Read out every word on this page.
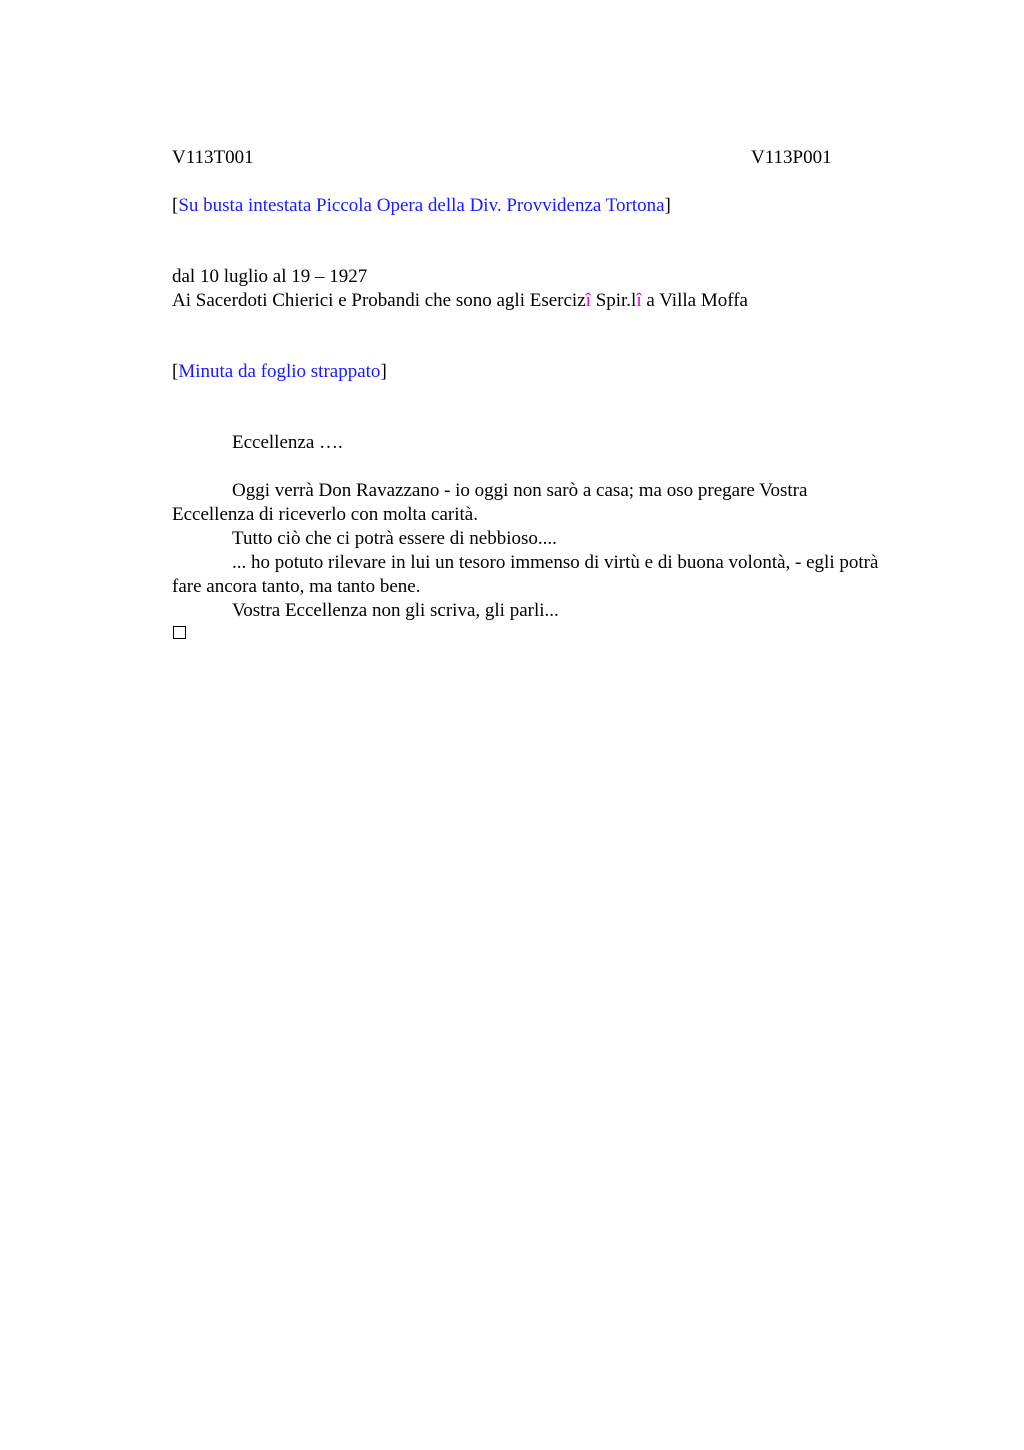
V113T001	V113P001
[Su busta intestata Piccola Opera della Div. Provvidenza Tortona]
dal 10 luglio al 19 – 1927
Ai Sacerdoti Chierici e Probandi che sono agli Esercizî Spir.lî a Villa Moffa
[Minuta da foglio strappato]
Eccellenza ….

Oggi verrà Don Ravazzano - io oggi non sarò a casa; ma oso pregare Vostra Eccellenza di riceverlo con molta carità.

Tutto ciò che ci potrà essere di nebbioso....

... ho potuto rilevare in lui un tesoro immenso di virtù e di buona volontà, - egli potrà fare ancora tanto, ma tanto bene.

Vostra Eccellenza non gli scriva, gli parli...
